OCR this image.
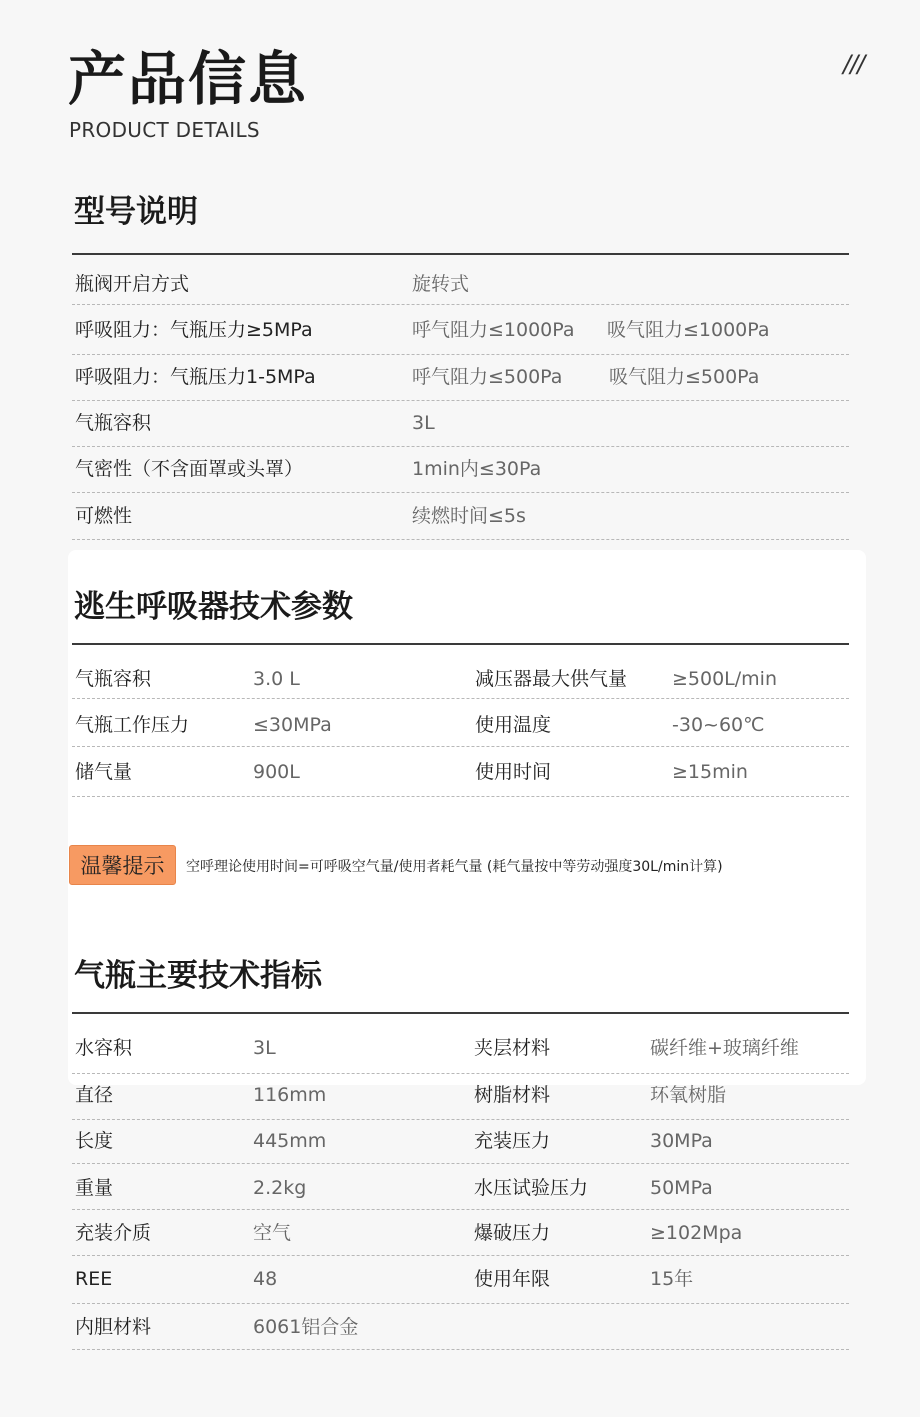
产品信息
PRODUCT DETAILS
///
型号说明
瓶阀开启方式	旋转式
呼吸阻力：气瓶压力≥5MPa	呼气阻力≤1000Pa 吸气阻力≤1000Pa
呼吸阻力：气瓶压力1-5MPa	呼气阻力≤500Pa 吸气阻力≤500Pa
气瓶容积	3L
气密性（不含面罩或头罩）	1min内≤30Pa
可燃性	续燃时间≤5s
逃生呼吸器技术参数
气瓶容积	3.0 L	减压器最大供气量 ≥500L/min
气瓶工作压力	≤30MPa	使用温度	-30~60℃
储气量	900L	使用时间	≥15min
温馨提示	空呼理论使用时间=可呼吸空气量/使用者耗气量 (耗气量按中等劳动强度30L/min计算)
气瓶主要技术指标
水容积	3L	夹层材料	碳纤维+玻璃纤维
直径	116mm	树脂材料	环氧树脂
长度	445mm	充装压力	30MPa
重量	2.2kg	水压试验压力	50MPa
充装介质	空气	爆破压力	≥102Mpa
REE	48	使用年限	15年
内胆材料	6061铝合金
